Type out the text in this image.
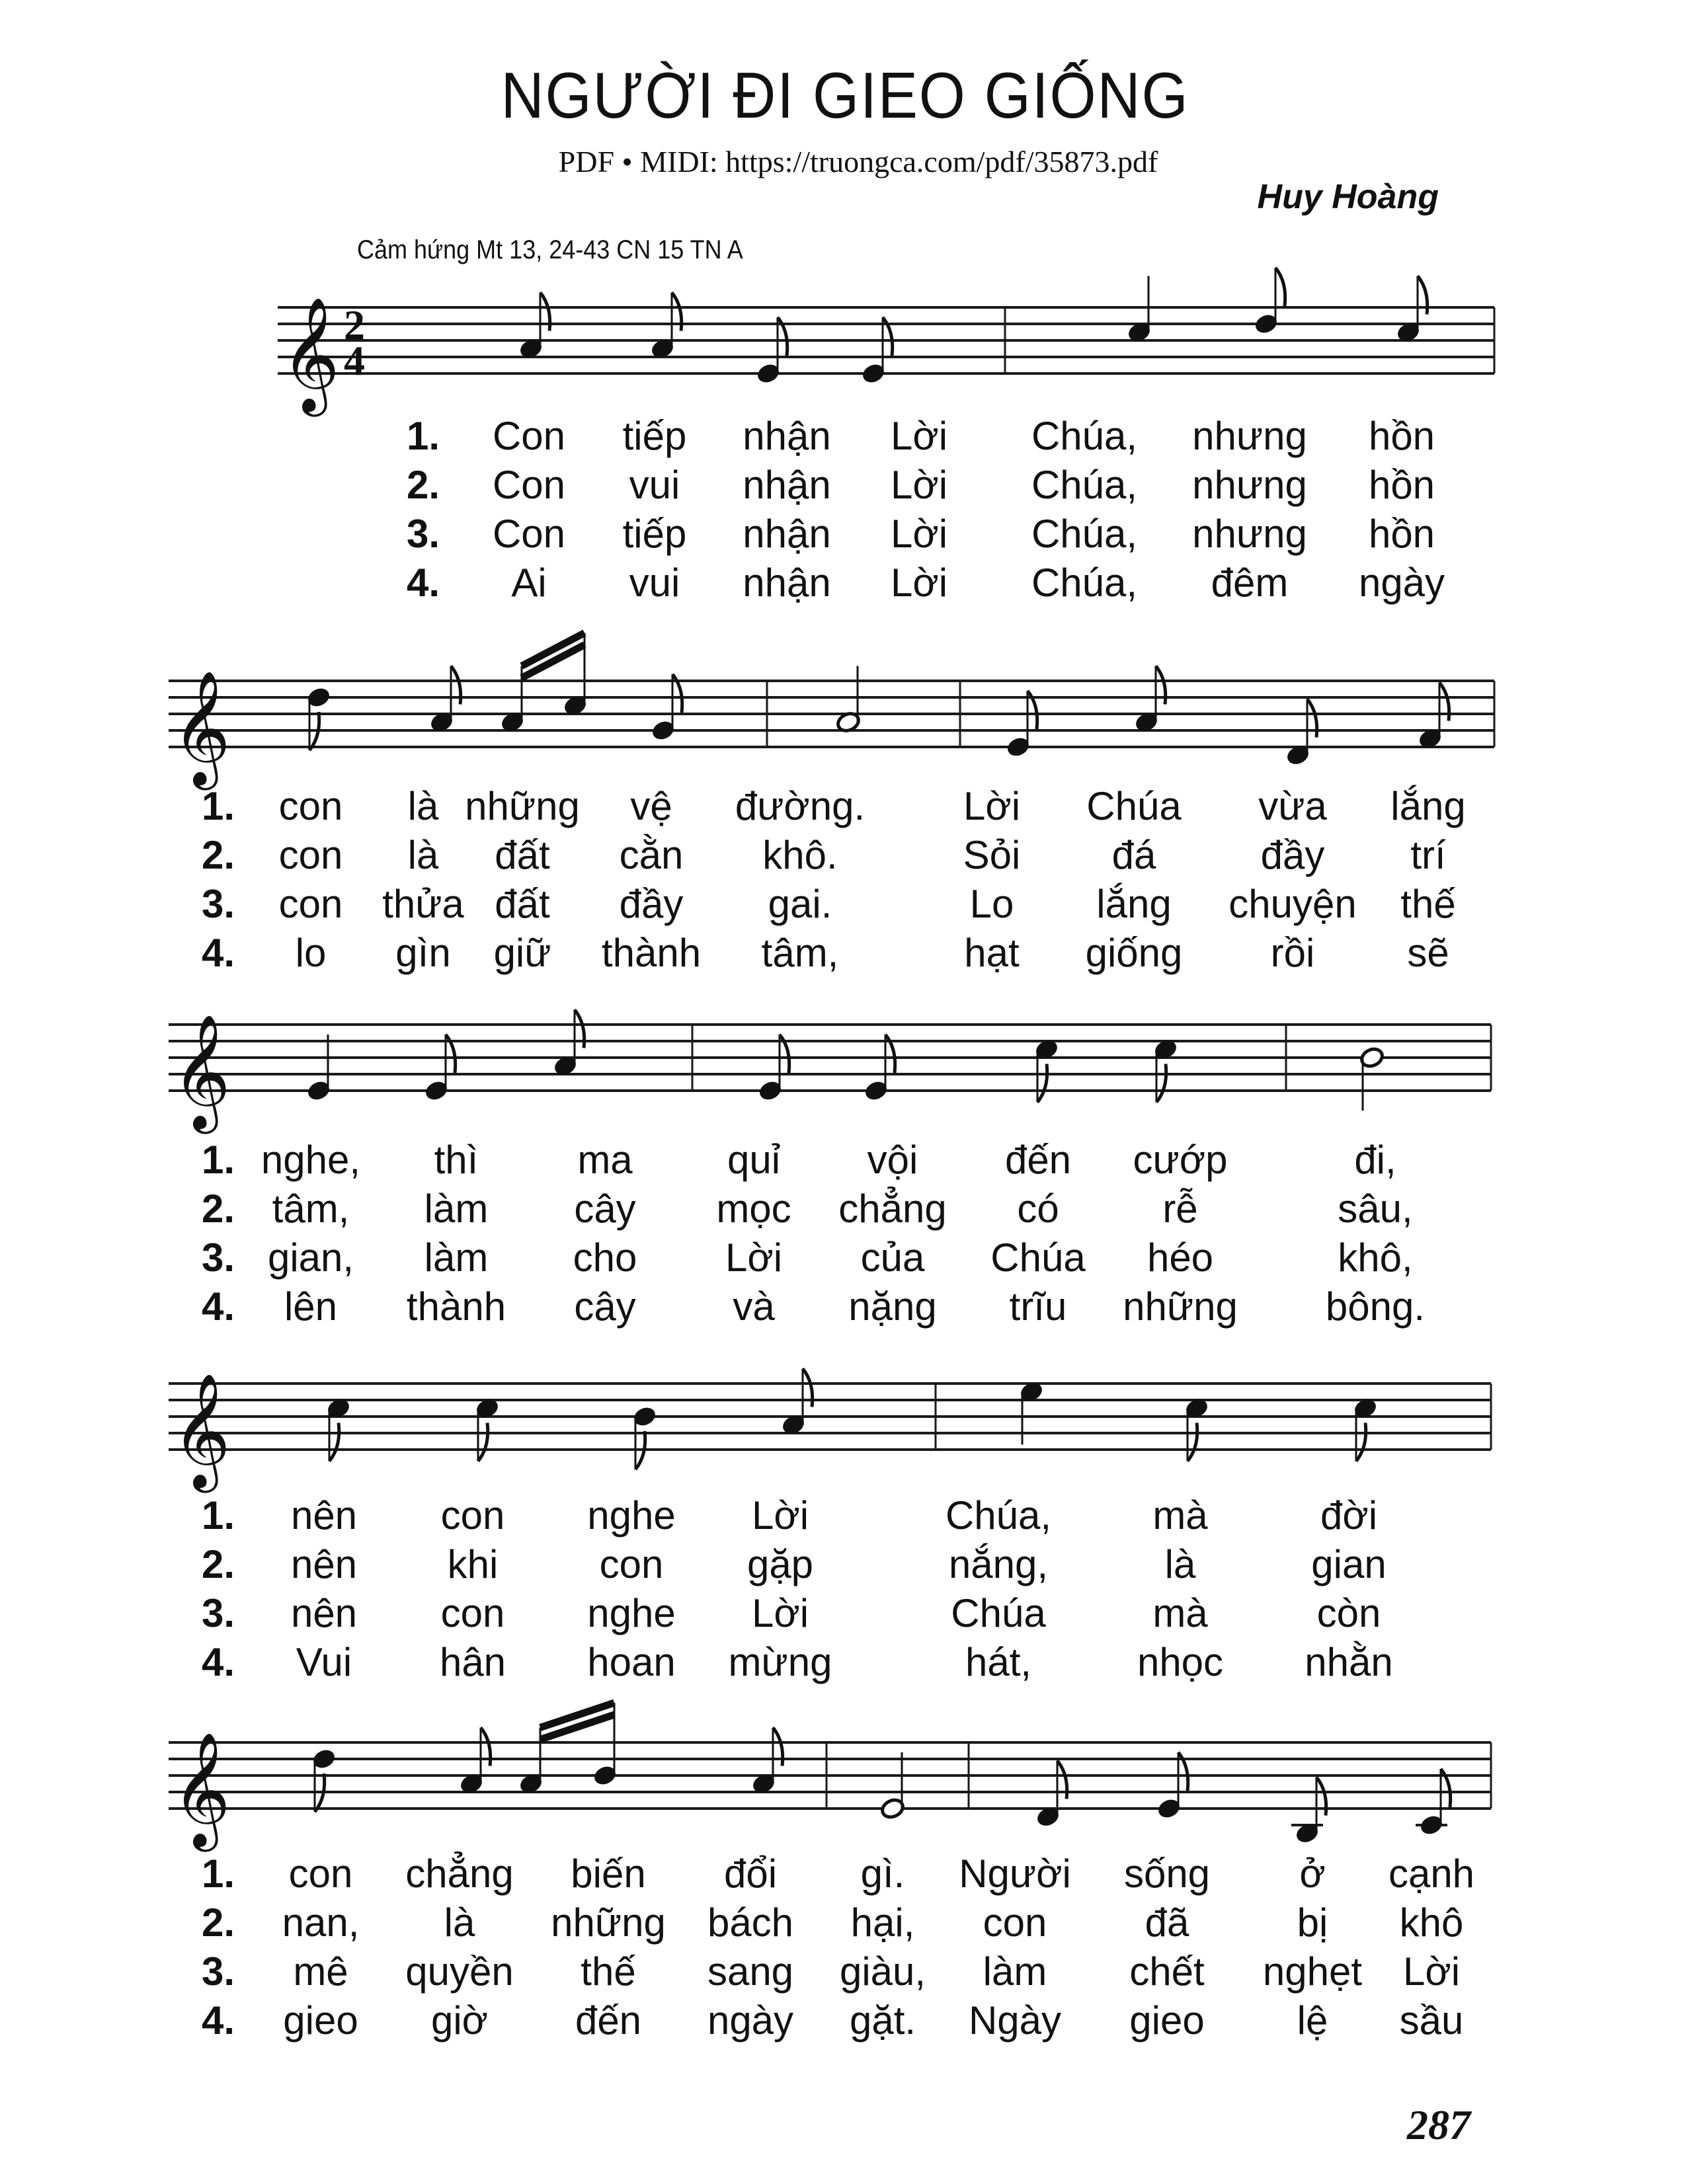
NGƯỜI ĐI GIEO GIỐNG
PDF • MIDI: https://truongca.com/pdf/35873.pdf
Huy Hoàng
Cảm hứng Mt 13, 24-43 CN 15 TN A
𝄞 2
4
1. Con tiếp nhận Lời Chúa, nhưng hồn
2. Con vui nhận Lời Chúa, nhưng hồn
3. Con tiếp nhận Lời Chúa, nhưng hồn
4. Ai vui nhận Lời Chúa, đêm ngày
𝄞
1. con là những vệ đường. Lời Chúa vừa lắng
2. con là đất cằn khô.	Sỏi đá	đầy trí
3. con thửa đất đầy gai.	Lo lắng chuyện thế
4. lo gìn giữ thành tâm,	hạt giống rồi sẽ
𝄞
1. nghe, thì ma quỉ vội đến cướp	đi,
2. tâm, làm cây mọc chẳng có	rễ	sâu,
3. gian, làm cho Lời của Chúa héo	khô,
4. lên thành cây và nặng trĩu những bông.
𝄞
1. nên con nghe Lời	Chúa,	mà	đời
2. nên khi	con gặp	nắng,	là	gian
3. nên con nghe Lời	Chúa	mà	còn
4. Vui hân hoan mừng	hát,	nhọc nhằn
𝄞
1. con chẳng biến đổi gì. Người sống ở cạnh
2. nan, là những bách hại, con đã	bị khô
3. mê quyền thế sang giàu, làm chết nghẹt Lời
4. gieo giờ đến ngày gặt. Ngày gieo lệ sầu
287
